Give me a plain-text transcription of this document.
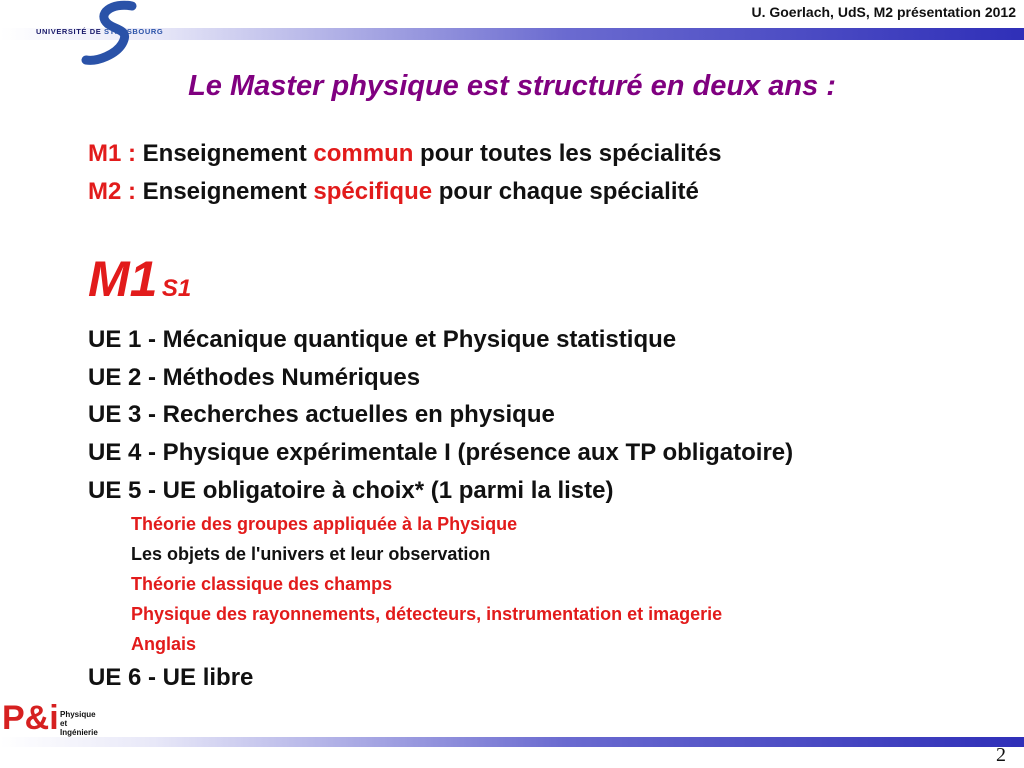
UNIVERSITÉ DE STRASBOURG
U. Goerlach, UdS, M2 présentation 2012
Le Master physique est structuré en deux ans :
M1 : Enseignement commun pour toutes les spécialités
M2 : Enseignement spécifique pour chaque spécialité
M1 S1
UE 1 - Mécanique quantique et Physique statistique
UE 2 - Méthodes Numériques
UE 3 - Recherches actuelles en physique
UE 4 - Physique expérimentale I (présence aux TP obligatoire)
UE 5 - UE obligatoire à choix* (1 parmi la liste)
Théorie des groupes appliquée à la Physique
Les objets de l'univers et leur observation
Théorie classique des champs
Physique des rayonnements, détecteurs, instrumentation et imagerie
Anglais
UE 6 - UE libre
P&i Physique
et
Ingénierie
2
